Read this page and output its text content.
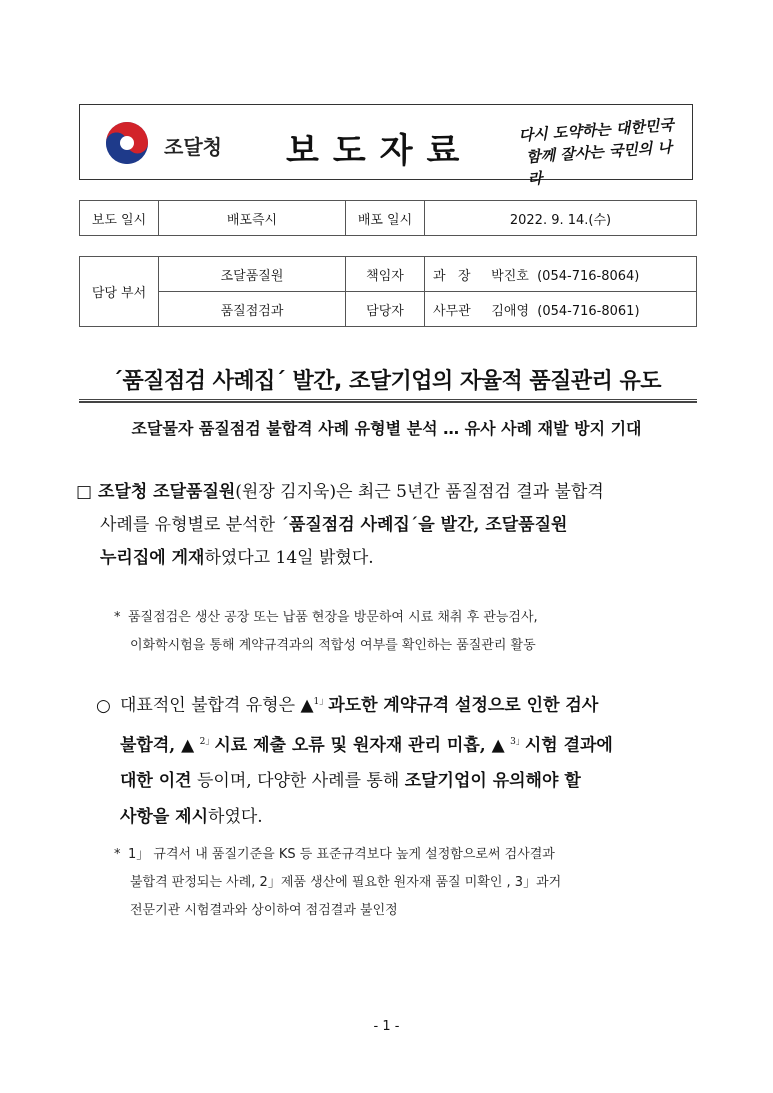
조달청 보도자료
다시 도약하는 대한민국
함께 잘사는 국민의 나라
보도 일시	배포즉시	배포 일시	2022. 9. 14.(수)
담당 부서	조달품질원	책임자	과   장     박진호  (054-716-8064)
	품질점검과	담당자	사무관     김애영  (054-716-8061)
´품질점검 사례집´ 발간, 조달기업의 자율적 품질관리 유도
조달물자 품질점검 불합격 사례 유형별 분석 … 유사 사례 재발 방지 기대
□ 조달청 조달품질원(원장 김지욱)은 최근 5년간 품질점검 결과 불합격
사례를 유형별로 분석한 ´품질점검 사례집´을 발간, 조달품질원
누리집에 게재하였다고 14일 밝혔다.
* 품질점검은 생산 공장 또는 납품 현장을 방문하여 시료 채취 후 관능검사,
이화학시험을 통해 계약규격과의 적합성 여부를 확인하는 품질관리 활동
○ 대표적인 불합격 유형은 ▲$^{1」}$과도한 계약규격 설정으로 인한 검사
불합격, ▲ $^{2」}$시료 제출 오류 및 원자재 관리 미흡, ▲ $^{3」}$시험 결과에
대한 이견 등이며, 다양한 사례를 통해 조달기업이 유의해야 할
사항을 제시하였다.
* 1」 규격서 내 품질기준을 KS 등 표준규격보다 높게 설정함으로써 검사결과
불합격 판정되는 사례, 2」제품 생산에 필요한 원자재 품질 미확인 , 3」과거
전문기관 시험결과와 상이하여 점검결과 불인정
- 1 -
